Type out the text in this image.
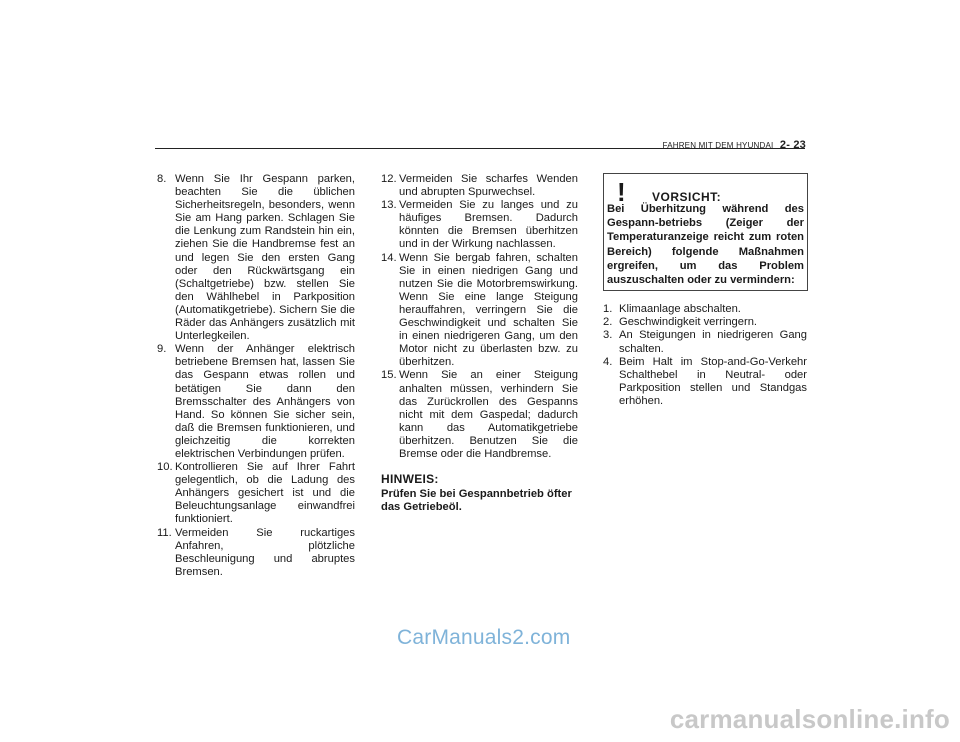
FAHREN MIT DEM HYUNDAI 2- 23
8. Wenn Sie Ihr Gespann parken, beachten Sie die üblichen Sicherheitsregeln, besonders, wenn Sie am Hang parken. Schlagen Sie die Lenkung zum Randstein hin ein, ziehen Sie die Handbremse fest an und legen Sie den ersten Gang oder den Rückwärtsgang ein (Schaltgetriebe) bzw. stellen Sie den Wählhebel in Parkposition (Automatikgetriebe). Sichern Sie die Räder das Anhängers zusätzlich mit Unterlegkeilen.
9. Wenn der Anhänger elektrisch betriebene Bremsen hat, lassen Sie das Gespann etwas rollen und betätigen Sie dann den Bremsschalter des Anhängers von Hand. So können Sie sicher sein, daß die Bremsen funktionieren, und gleichzeitig die korrekten elektrischen Verbindungen prüfen.
10. Kontrollieren Sie auf Ihrer Fahrt gelegentlich, ob die Ladung des Anhängers gesichert ist und die Beleuchtungsanlage einwandfrei funktioniert.
11. Vermeiden Sie ruckartiges Anfahren, plötzliche Beschleunigung und abruptes Bremsen.
12. Vermeiden Sie scharfes Wenden und abrupten Spurwechsel.
13. Vermeiden Sie zu langes und zu häufiges Bremsen. Dadurch könnten die Bremsen überhitzen und in der Wirkung nachlassen.
14. Wenn Sie bergab fahren, schalten Sie in einen niedrigen Gang und nutzen Sie die Motorbremswirkung. Wenn Sie eine lange Steigung herauffahren, verringern Sie die Geschwindigkeit und schalten Sie in einen niedrigeren Gang, um den Motor nicht zu überlasten bzw. zu überhitzen.
15. Wenn Sie an einer Steigung anhalten müssen, verhindern Sie das Zurückrollen des Gespanns nicht mit dem Gaspedal; dadurch kann das Automatikgetriebe überhitzen. Benutzen Sie die Bremse oder die Handbremse.
HINWEIS:
Prüfen Sie bei Gespannbetrieb öfter das Getriebeöl.
! VORSICHT:
Bei Überhitzung während des Gespann-betriebs (Zeiger der Temperaturanzeige reicht zum roten Bereich) folgende Maßnahmen ergreifen, um das Problem auszuschalten oder zu vermindern:
1. Klimaanlage abschalten.
2. Geschwindigkeit verringern.
3. An Steigungen in niedrigeren Gang schalten.
4. Beim Halt im Stop-and-Go-Verkehr Schalthebel in Neutral- oder Parkposition stellen und Standgas erhöhen.
CarManuals2.com
carmanualsonline.info
